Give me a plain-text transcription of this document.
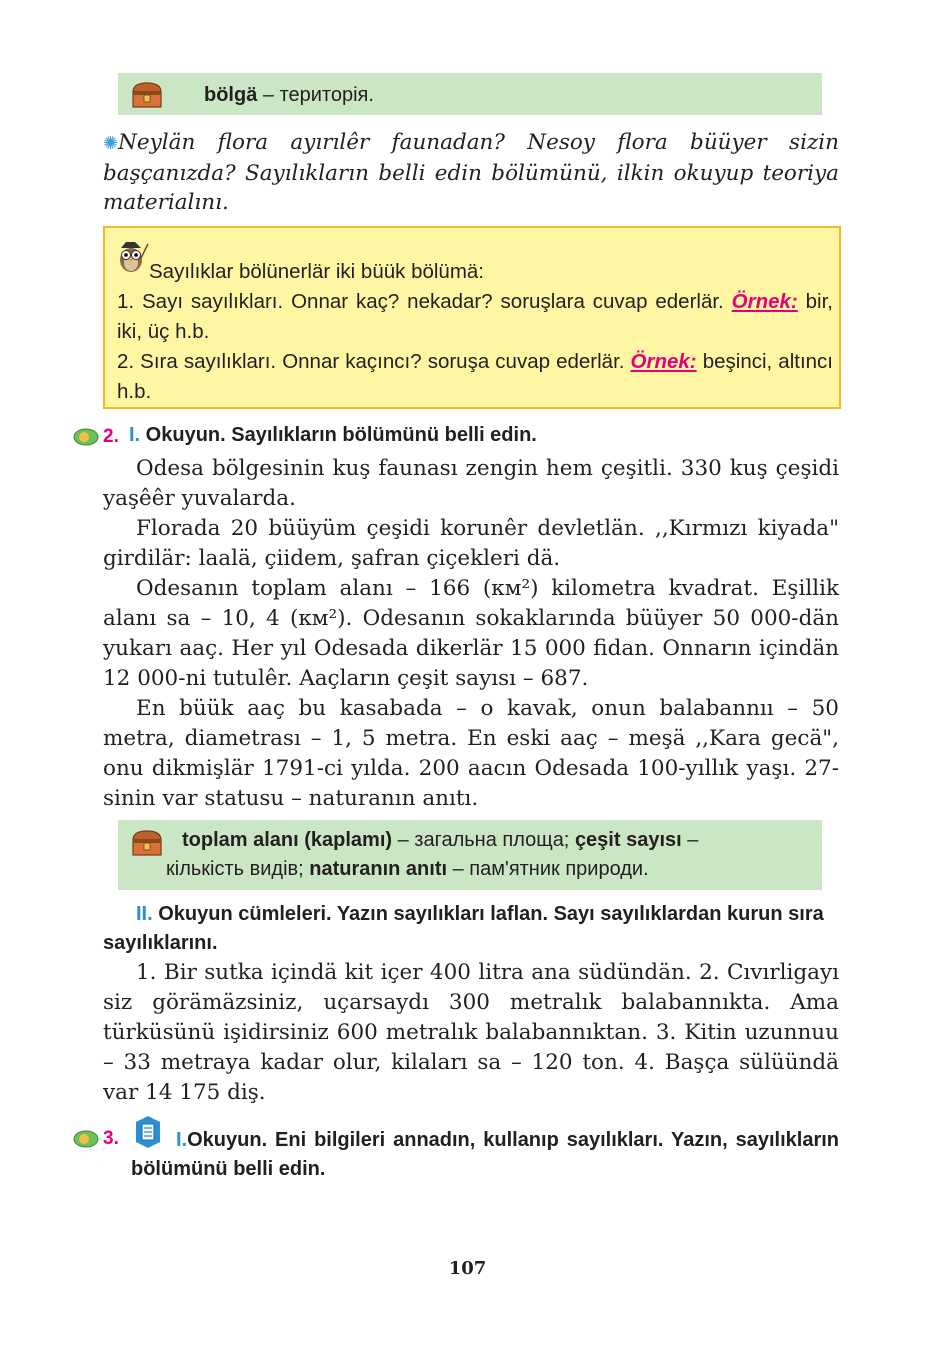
bölgä – територія.
✺Neylän flora ayırılêr faunadan? Nesoy flora büüyer sizin başçanızda? Sayılıkların belli edin bölümünü, ilkin okuyup teoriya materialını.
Sayılıklar bölünerlär iki büük bölümä:
1. Sayı sayılıkları. Onnar kaç? nekadar? soruşlara cuvap ederlär. Örnek: bir, iki, üç h.b.
2. Sıra sayılıkları. Onnar kaçıncı? soruşa cuvap ederlär. Örnek: beşinci, altıncı h.b.
2. I. Okuyun. Sayılıkların bölümünü belli edin.

Odesa bölgesinin kuş faunası zengin hem çeşitli. 330 kuş çeşidi yaşêêr yuvalarda.

Florada 20 büüyüm çeşidi korunêr devletlän. ,,Kırmızı kiyada" girdilär: laalä, çiidem, şafran çiçekleri dä.

Odesanın toplam alanı – 166 (км²) kilometra kvadrat. Eşillik alanı sa – 10, 4 (км²). Odesanın sokaklarında büüyer 50 000-dän yukarı aaç. Her yıl Odesada dikerlär 15 000 fidan. Onnarın içindän 12 000-ni tutulêr. Aaçların çeşit sayısı – 687.

En büük aaç bu kasabada – o kavak, onun balabannıı – 50 metra, diametrası – 1, 5 metra. En eski aaç – meşä ,,Kara gecä", onu dikmişlär 1791-ci yılda. 200 aacın Odesada 100-yıllık yaşı. 27-sinin var statusu – naturanın anıtı.

toplam alanı (kaplamı) – загальна площа; çeşit sayısı –
кількість видів; naturanın anıtı – пам'ятник природи.
II. Okuyun cümleleri. Yazın sayılıkları laflan. Sayı sayılıklardan kurun sıra sayılıklarını.
1. Bir sutka içindä kit içer 400 litra ana südündän. 2. Cıvırligayı siz görämäzsiniz, uçarsaydı 300 metralık balabannıkta. Ama türküsünü işidirsiniz 600 metralık balabannıktan. 3. Kitin uzunnuu – 33 metraya kadar olur, kilaları sa – 120 ton. 4. Başça sülüündä var 14 175 diş.
3.	I.Okuyun. Eni bilgileri annadın, kullanıp sayılıkları. Yazın, sayılıkların bölümünü belli edin.
107
